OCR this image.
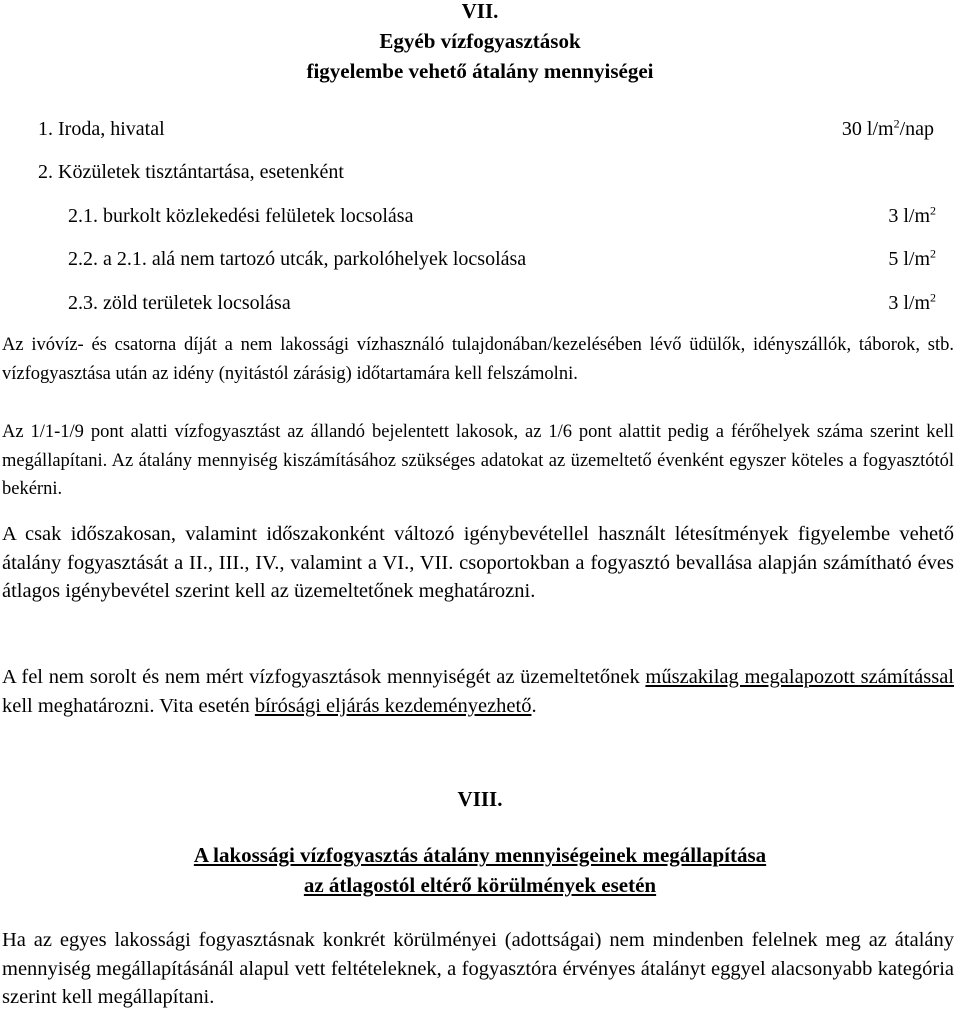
VII.

Egyéb vízfogyasztások

figyelembe vehető átalány mennyiségei

1. Iroda, hivatal	30 $l/m^2$/nap
2. Közületek tisztántartása, esetenként
2.1. burkolt közlekedési felületek locsolása	3 $l/m^2$
2.2. a 2.1. alá nem tartozó utcák, parkolóhelyek locsolása	5 $l/m^2$
2.3. zöld területek locsolása	3 $l/m^2$

Az ivóvíz- és csatorna díját a nem lakossági vízhasználó tulajdonában/kezelésében lévő üdülők, idényszállók, táborok, stb. vízfogyasztása után az idény (nyitástól zárásig) időtartamára kell felszámolni.

Az 1/1-1/9 pont alatti vízfogyasztást az állandó bejelentett lakosok, az 1/6 pont alattit pedig a férőhelyek száma szerint kell megállapítani. Az átalány mennyiség kiszámításához szükséges adatokat az üzemeltető évenként egyszer köteles a fogyasztótól bekérni.

A csak időszakosan, valamint időszakonként változó igénybevétellel használt létesítmények figyelembe vehető átalány fogyasztását a II., III., IV., valamint a VI., VII. csoportokban a fogyasztó bevallása alapján számítható éves átlagos igénybevétel szerint kell az üzemeltetőnek meghatározni.

A fel nem sorolt és nem mért vízfogyasztások mennyiségét az üzemeltetőnek műszakilag megalapozott számítással kell meghatározni. Vita esetén bírósági eljárás kezdeményezhető.

VIII.

A lakossági vízfogyasztás átalány mennyiségeinek megállapítása

az átlagostól eltérő körülmények esetén

Ha az egyes lakossági fogyasztásnak konkrét körülményei (adottságai) nem mindenben felelnek meg az átalány mennyiség megállapításánál alapul vett feltételeknek, a fogyasztóra érvényes átalányt eggyel alacsonyabb kategória szerint kell megállapítani.
